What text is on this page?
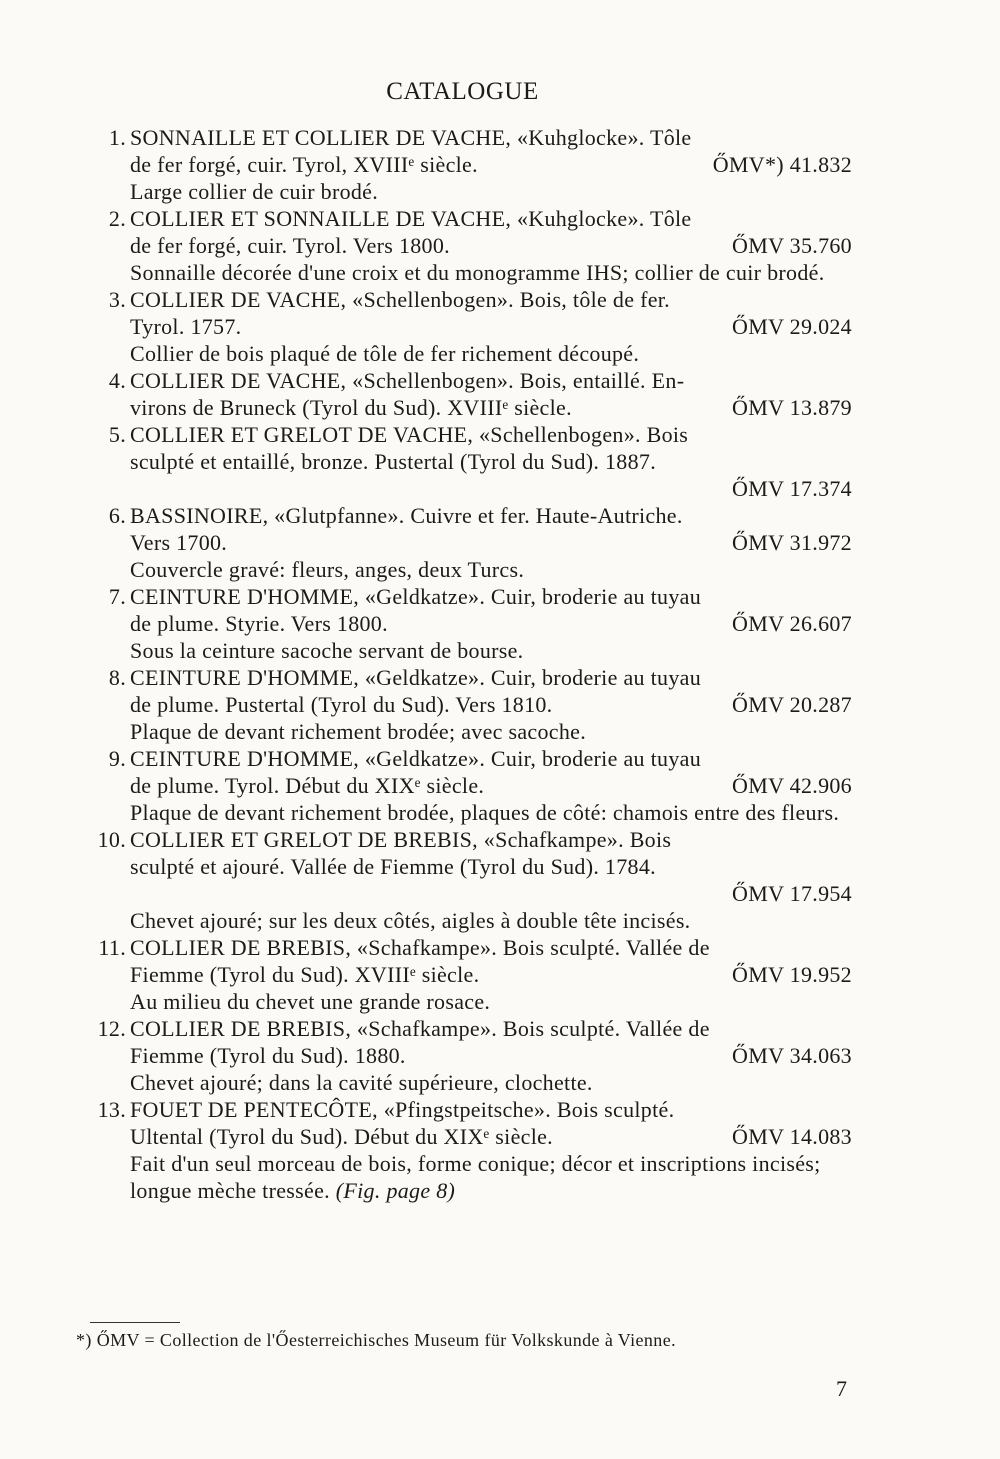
CATALOGUE
1. SONNAILLE ET COLLIER DE VACHE, «Kuhglocke». Tôle
de fer forgé, cuir. Tyrol, XVIIIᵉ siècle.	ŐMV*) 41.832
Large collier de cuir brodé.
2. COLLIER ET SONNAILLE DE VACHE, «Kuhglocke». Tôle
de fer forgé, cuir. Tyrol. Vers 1800.	ŐMV 35.760
Sonnaille décorée d'une croix et du monogramme IHS; collier de cuir brodé.
3. COLLIER DE VACHE, «Schellenbogen». Bois, tôle de fer.
Tyrol. 1757.	ŐMV 29.024
Collier de bois plaqué de tôle de fer richement découpé.
4. COLLIER DE VACHE, «Schellenbogen». Bois, entaillé. En-
virons de Bruneck (Tyrol du Sud). XVIIIᵉ siècle.	ŐMV 13.879
5. COLLIER ET GRELOT DE VACHE, «Schellenbogen». Bois
sculpté et entaillé, bronze. Pustertal (Tyrol du Sud). 1887.
ŐMV 17.374
6. BASSINOIRE, «Glutpfanne». Cuivre et fer. Haute-Autriche.
Vers 1700.	ŐMV 31.972
Couvercle gravé: fleurs, anges, deux Turcs.
7. CEINTURE D'HOMME, «Geldkatze». Cuir, broderie au tuyau
de plume. Styrie. Vers 1800.	ŐMV 26.607
Sous la ceinture sacoche servant de bourse.
8. CEINTURE D'HOMME, «Geldkatze». Cuir, broderie au tuyau
de plume. Pustertal (Tyrol du Sud). Vers 1810.	ŐMV 20.287
Plaque de devant richement brodée; avec sacoche.
9. CEINTURE D'HOMME, «Geldkatze». Cuir, broderie au tuyau
de plume. Tyrol. Début du XIXᵉ siècle.	ŐMV 42.906
Plaque de devant richement brodée, plaques de côté: chamois entre des fleurs.
10. COLLIER ET GRELOT DE BREBIS, «Schafkampe». Bois
sculpté et ajouré. Vallée de Fiemme (Tyrol du Sud). 1784.
ŐMV 17.954
Chevet ajouré; sur les deux côtés, aigles à double tête incisés.
11. COLLIER DE BREBIS, «Schafkampe». Bois sculpté. Vallée de
Fiemme (Tyrol du Sud). XVIIIᵉ siècle.	ŐMV 19.952
Au milieu du chevet une grande rosace.
12. COLLIER DE BREBIS, «Schafkampe». Bois sculpté. Vallée de
Fiemme (Tyrol du Sud). 1880.	ŐMV 34.063
Chevet ajouré; dans la cavité supérieure, clochette.
13. FOUET DE PENTECÔTE, «Pfingstpeitsche». Bois sculpté.
Ultental (Tyrol du Sud). Début du XIXᵉ siècle.	ŐMV 14.083
Fait d'un seul morceau de bois, forme conique; décor et inscriptions incisés; longue mèche tressée. (Fig. page 8)
*) ŐMV = Collection de l'Őesterreichisches Museum für Volkskunde à Vienne.
7
